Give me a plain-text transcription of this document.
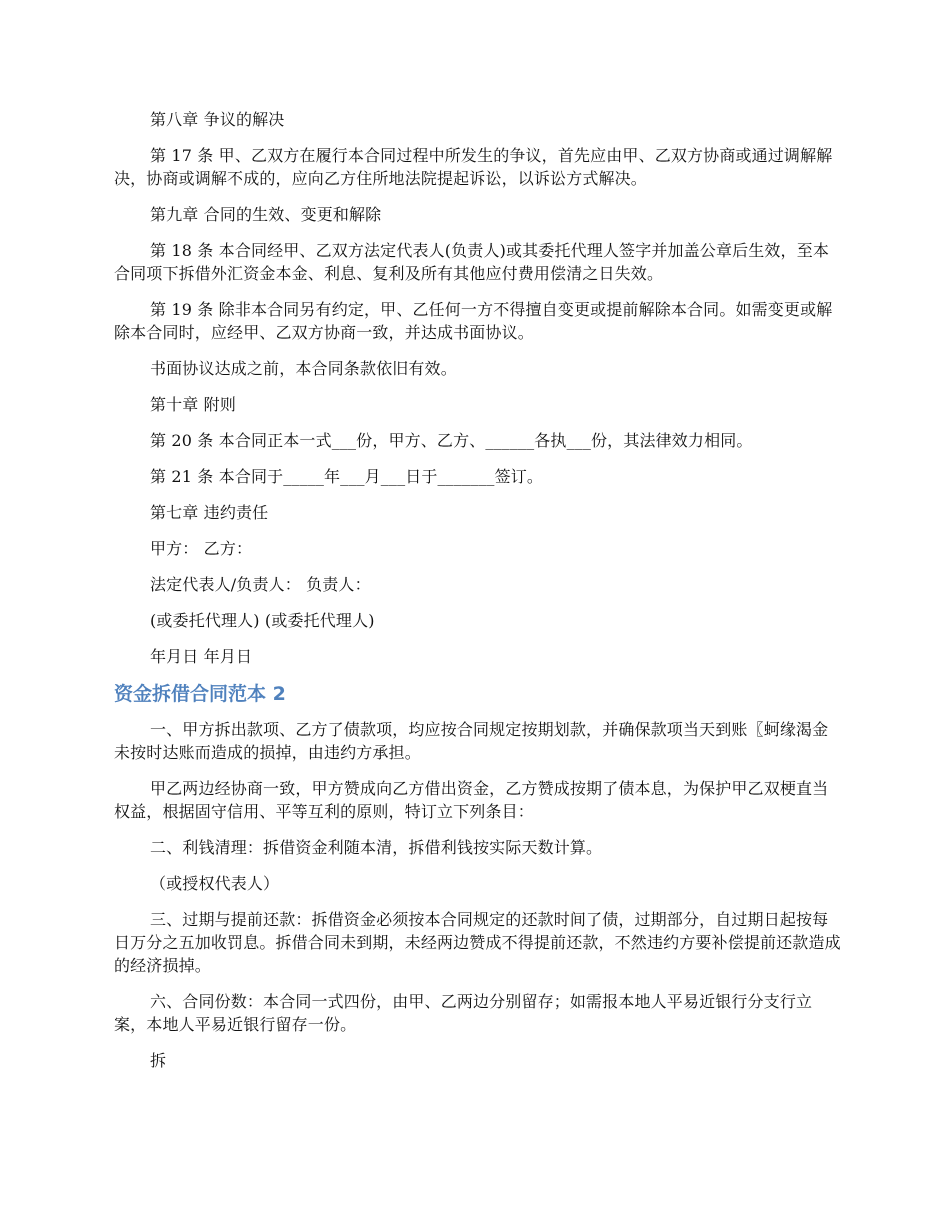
第八章 争议的解决

第 17 条 甲、乙双方在履行本合同过程中所发生的争议，首先应由甲、乙双方协商或通过调解解决，协商或调解不成的，应向乙方住所地法院提起诉讼，以诉讼方式解决。

第九章 合同的生效、变更和解除

第 18 条 本合同经甲、乙双方法定代表人(负责人)或其委托代理人签字并加盖公章后生效，至本合同项下拆借外汇资金本金、利息、复利及所有其他应付费用偿清之日失效。

第 19 条 除非本合同另有约定，甲、乙任何一方不得擅自变更或提前解除本合同。如需变更或解除本合同时，应经甲、乙双方协商一致，并达成书面协议。

书面协议达成之前，本合同条款依旧有效。

第十章 附则

第 20 条 本合同正本一式___份，甲方、乙方、______各执___份，其法律效力相同。

第 21 条 本合同于_____年___月___日于_______签订。

第七章 违约责任

甲方： 乙方：

法定代表人/负责人： 负责人：

(或委托代理人) (或委托代理人)

年月日 年月日

资金拆借合同范本 2

一、甲方拆出款项、乙方了债款项，均应按合同规定按期划款，并确保款项当天到账〖蚵缘渴金未按时达账而造成的损掉，由违约方承担。

甲乙两边经协商一致，甲方赞成向乙方借出资金，乙方赞成按期了债本息，为保护甲乙双梗直当权益，根据固守信用、平等互利的原则，特订立下列条目：

二、利钱清理：拆借资金利随本清，拆借利钱按实际天数计算。

（或授权代表人）

三、过期与提前还款：拆借资金必须按本合同规定的还款时间了债，过期部分，自过期日起按每日万分之五加收罚息。拆借合同未到期，未经两边赞成不得提前还款，不然违约方要补偿提前还款造成的经济损掉。

六、合同份数：本合同一式四份，由甲、乙两边分别留存；如需报本地人平易近银行分支行立案，本地人平易近银行留存一份。

拆
